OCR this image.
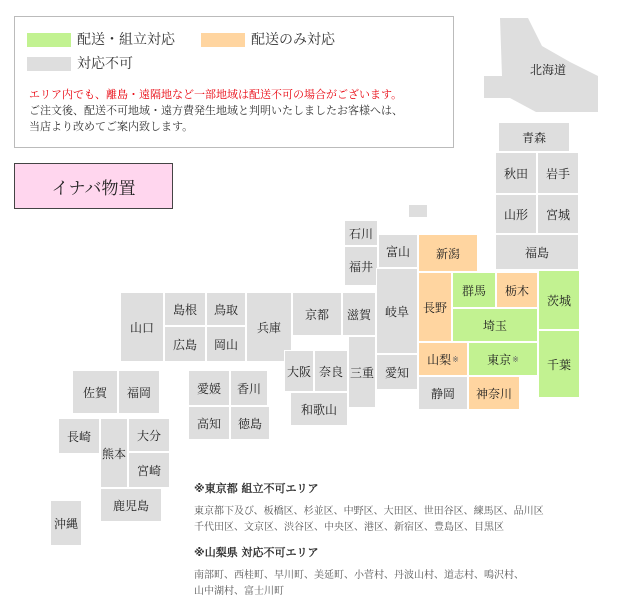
配送・組立対応	配送のみ対応
対応不可
エリア内でも、離島・遠隔地など一部地域は配送不可の場合がございます。
ご注文後、配送不可地域・遠方費発生地域と判明いたしましたお客様へは、
当店より改めてご案内致します。
イナバ物置
北海道
青森
秋田	岩手
山形	宮城
福島
新潟
群馬	栃木
茨城
長野
埼玉
山梨 ※ 東京 ※	千葉
静岡	神奈川
石川
福井
富山
岐阜
愛知
滋賀
京都
兵庫
三重
大阪 奈良
和歌山
島根	鳥取
山口
広島	岡山
愛媛	香川
高知	徳島
佐賀	福岡
長崎	大分
熊本
宮崎
鹿児島
沖縄
※東京都 組立不可エリア
東京都下及び、板橋区、杉並区、中野区、大田区、世田谷区、練馬区、品川区
千代田区、文京区、渋谷区、中央区、港区、新宿区、豊島区、目黒区
※山梨県 対応不可エリア
南部町、西桂町、早川町、美延町、小菅村、丹波山村、道志村、鳴沢村、
山中湖村、富士川町
